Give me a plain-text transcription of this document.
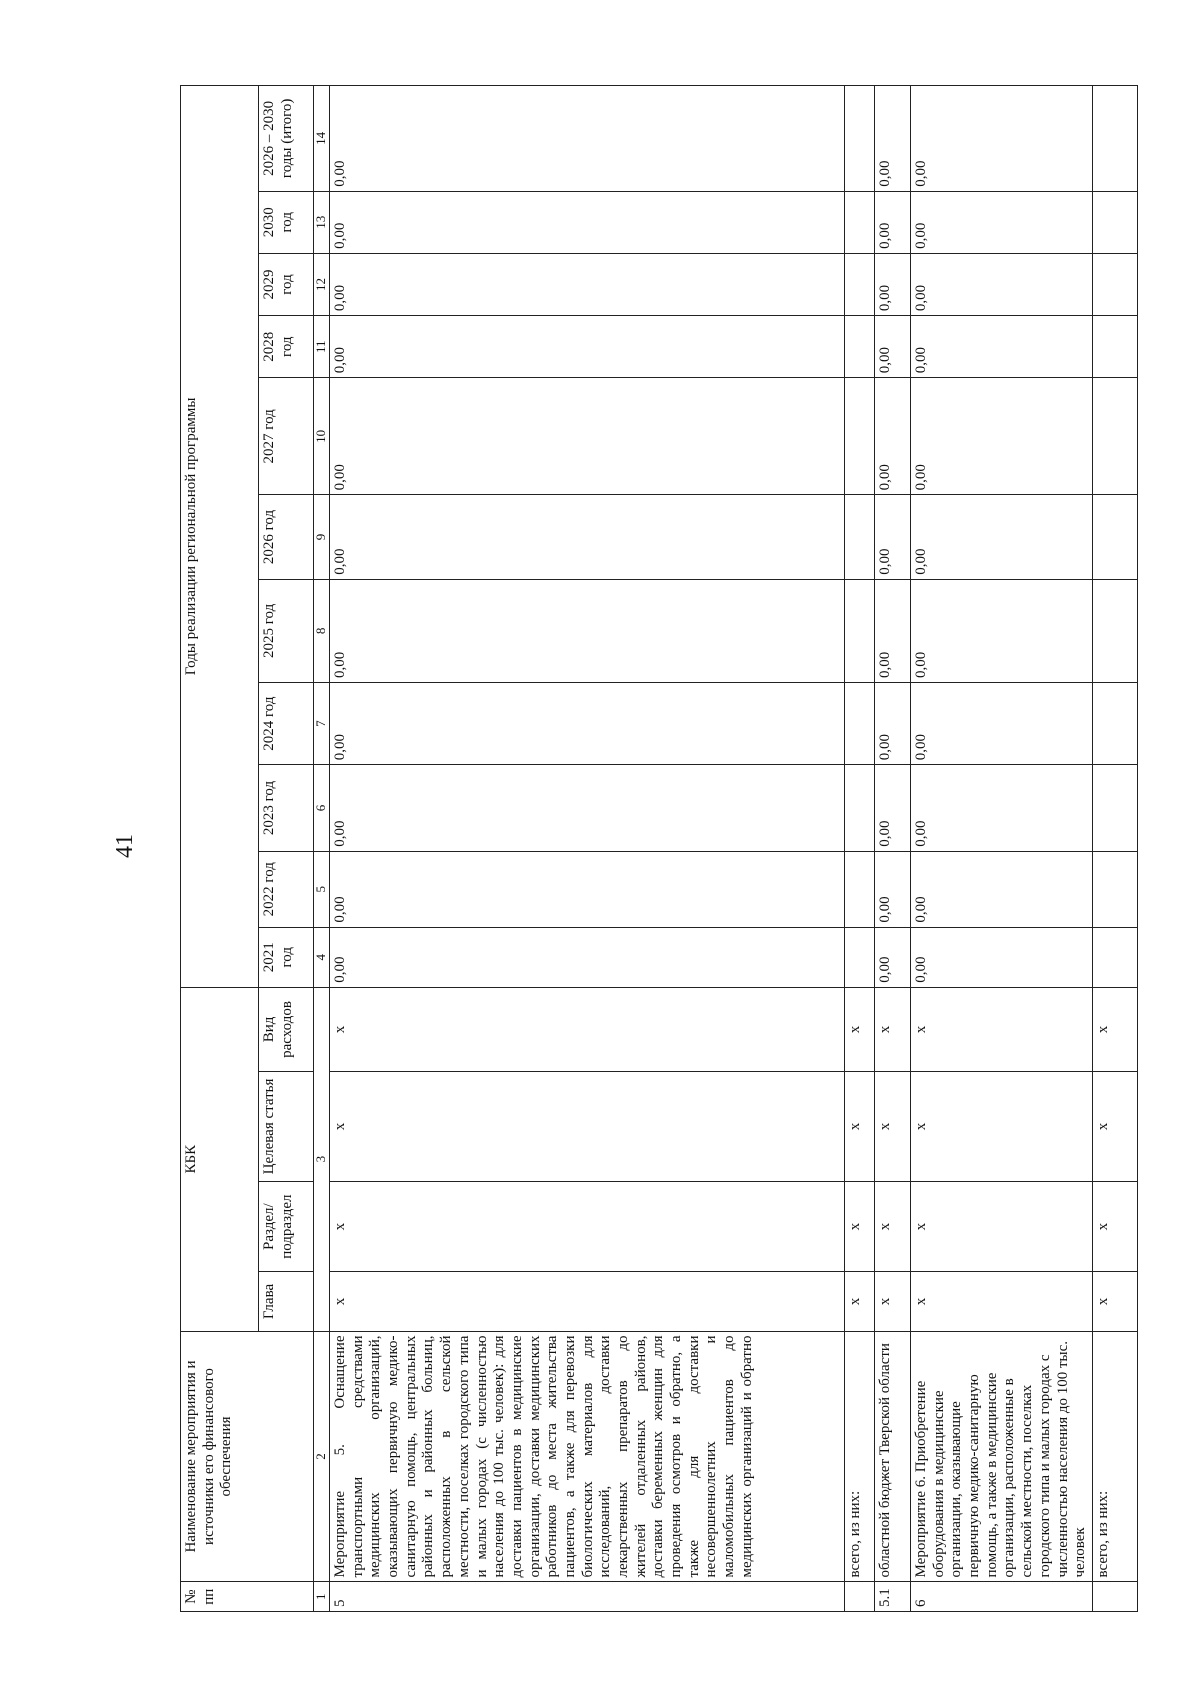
41
№ пп	Наименование мероприятия и источники его финансового обеспечения	КБК				Годы реализации региональной программы										
		Глава	Раздел/ подраздел	Целевая статья	Вид расходов	2021 год	2022 год	2023 год	2024 год	2025 год	2026 год	2027 год	2028 год	2029 год	2030 год	2026 – 2030 годы (итого)
1	2	3				4	5	6	7	8	9	10	11	12	13	14
5	Мероприятие 5. Оснащение транспортными средствами медицинских организаций, оказывающих первичную медико-санитарную помощь, центральных районных и районных больниц, расположенных в сельской местности, поселках городского типа и малых городах (с численностью населения до 100 тыс. человек): для доставки пациентов в медицинские организации, доставки медицинских работников до места жительства пациентов, а также для перевозки биологических материалов для исследований, доставки лекарственных препаратов до жителей отдаленных районов, доставки беременных женщин для проведения осмотров и обратно, а также для доставки несовершеннолетних и маломобильных пациентов до медицинских организаций и обратно	х	х	х	х	0,00	0,00	0,00	0,00	0,00	0,00	0,00	0,00	0,00	0,00	0,00
	всего, из них:	х	х	х	х											
5.1	областной бюджет Тверской области	х	х	х	х	0,00	0,00	0,00	0,00	0,00	0,00	0,00	0,00	0,00	0,00	0,00
6	Мероприятие 6. Приобретение оборудования в медицинские организации, оказывающие первичную медико-санитарную помощь, а также в медицинские организации, расположенные в сельской местности, поселках городского типа и малых городах с численностью населения до 100 тыс. человек	х	х	х	х	0,00	0,00	0,00	0,00	0,00	0,00	0,00	0,00	0,00	0,00	0,00
	всего, из них:	х	х	х	х											
